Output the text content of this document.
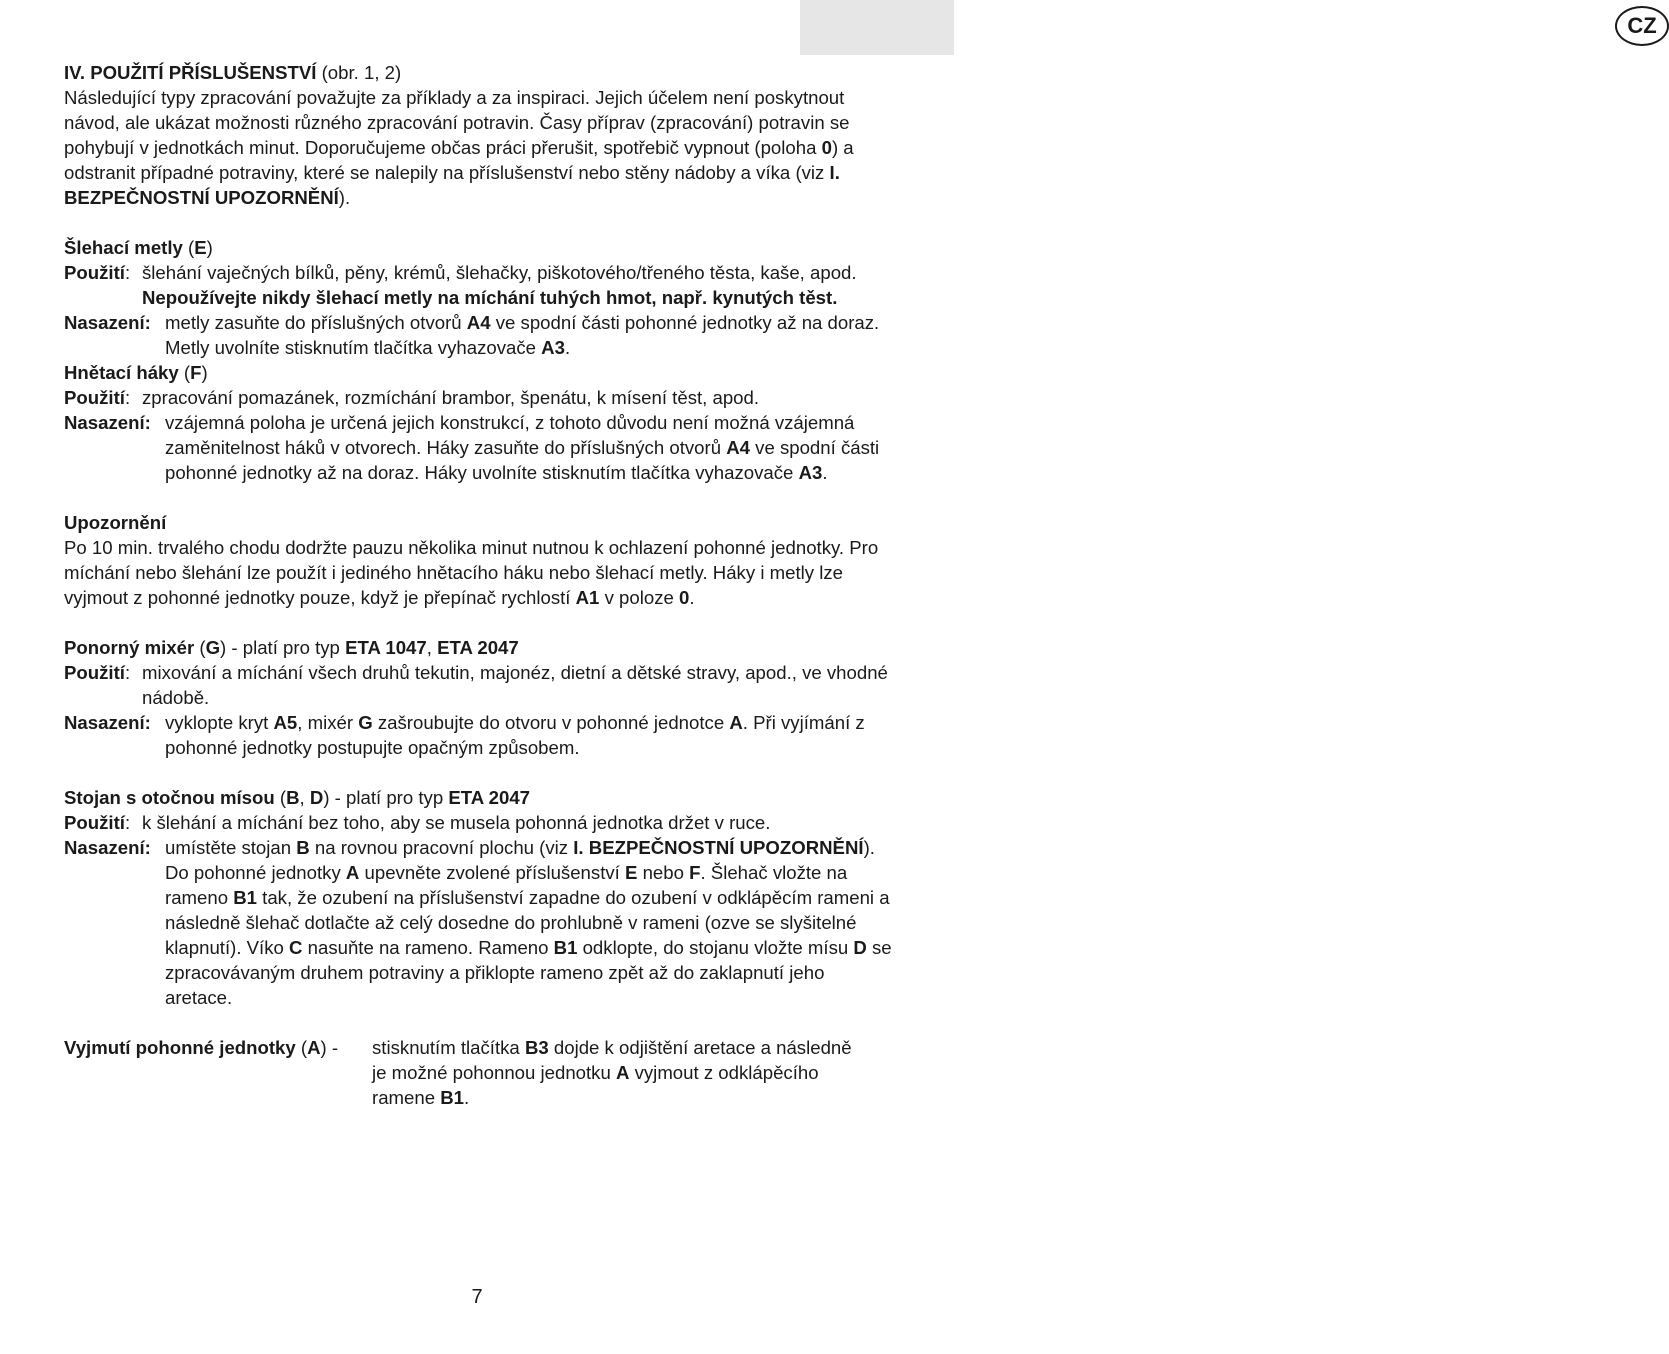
CZ
IV. POUŽITÍ PŘÍSLUŠENSTVÍ (obr. 1, 2)
Následující typy zpracování považujte za příklady a za inspiraci. Jejich účelem není poskytnout návod, ale ukázat možnosti různého zpracování potravin. Časy příprav (zpracování) potravin se pohybují v jednotkách minut. Doporučujeme občas práci přerušit, spotřebič vypnout (poloha 0) a odstranit případné potraviny, které se nalepily na příslušenství nebo stěny nádoby a víka (viz I. BEZPEČNOSTNÍ UPOZORNĚNÍ).
Šlehací metly (E)
Použití: šlehání vaječných bílků, pěny, krémů, šlehačky, piškotového/třeného těsta, kaše, apod. Nepoužívejte nikdy šlehací metly na míchání tuhých hmot, např. kynutých těst.
Nasazení: metly zasuňte do příslušných otvorů A4 ve spodní části pohonné jednotky až na doraz. Metly uvolníte stisknutím tlačítka vyhazovače A3.
Hnětací háky (F)
Použití: zpracování pomazánek, rozmíchání brambor, špenátu, k mísení těst, apod.
Nasazení: vzájemná poloha je určená jejich konstrukcí, z tohoto důvodu není možná vzájemná zaměnitelnost háků v otvorech. Háky zasuňte do příslušných otvorů A4 ve spodní části pohonné jednotky až na doraz. Háky uvolníte stisknutím tlačítka vyhazovače A3.
Upozornění
Po 10 min. trvalého chodu dodržte pauzu několika minut nutnou k ochlazení pohonné jednotky. Pro míchání nebo šlehání lze použít i jediného hnětacího háku nebo šlehací metly. Háky i metly lze vyjmout z pohonné jednotky pouze, když je přepínač rychlostí A1 v poloze 0.
Ponorný mixér (G) - platí pro typ ETA 1047, ETA 2047
Použití: mixování a míchání všech druhů tekutin, majonéz, dietní a dětské stravy, apod., ve vhodné nádobě.
Nasazení: vyklopte kryt A5, mixér G zašroubujte do otvoru v pohonné jednotce A. Při vyjímání z pohonné jednotky postupujte opačným způsobem.
Stojan s otočnou mísou (B, D) - platí pro typ ETA 2047
Použití: k šlehání a míchání bez toho, aby se musela pohonná jednotka držet v ruce.
Nasazení: umístěte stojan B na rovnou pracovní plochu (viz I. BEZPEČNOSTNÍ UPOZORNĚNÍ). Do pohonné jednotky A upevněte zvolené příslušenství E nebo F. Šlehač vložte na rameno B1 tak, že ozubení na příslušenství zapadne do ozubení v odklápěcím rameni a následně šlehač dotlačte až celý dosedne do prohlubně v rameni (ozve se slyšitelné klapnutí). Víko C nasuňte na rameno. Rameno B1 odklopte, do stojanu vložte mísu D se zpracovávaným druhem potraviny a přiklopte rameno zpět až do zaklapnutí jeho aretace.
Vyjmutí pohonné jednotky (A) -	stisknutím tlačítka B3 dojde k odjištění aretace a následně je možné pohonnou jednotku A vyjmout z odklápěcího ramene B1.
7
